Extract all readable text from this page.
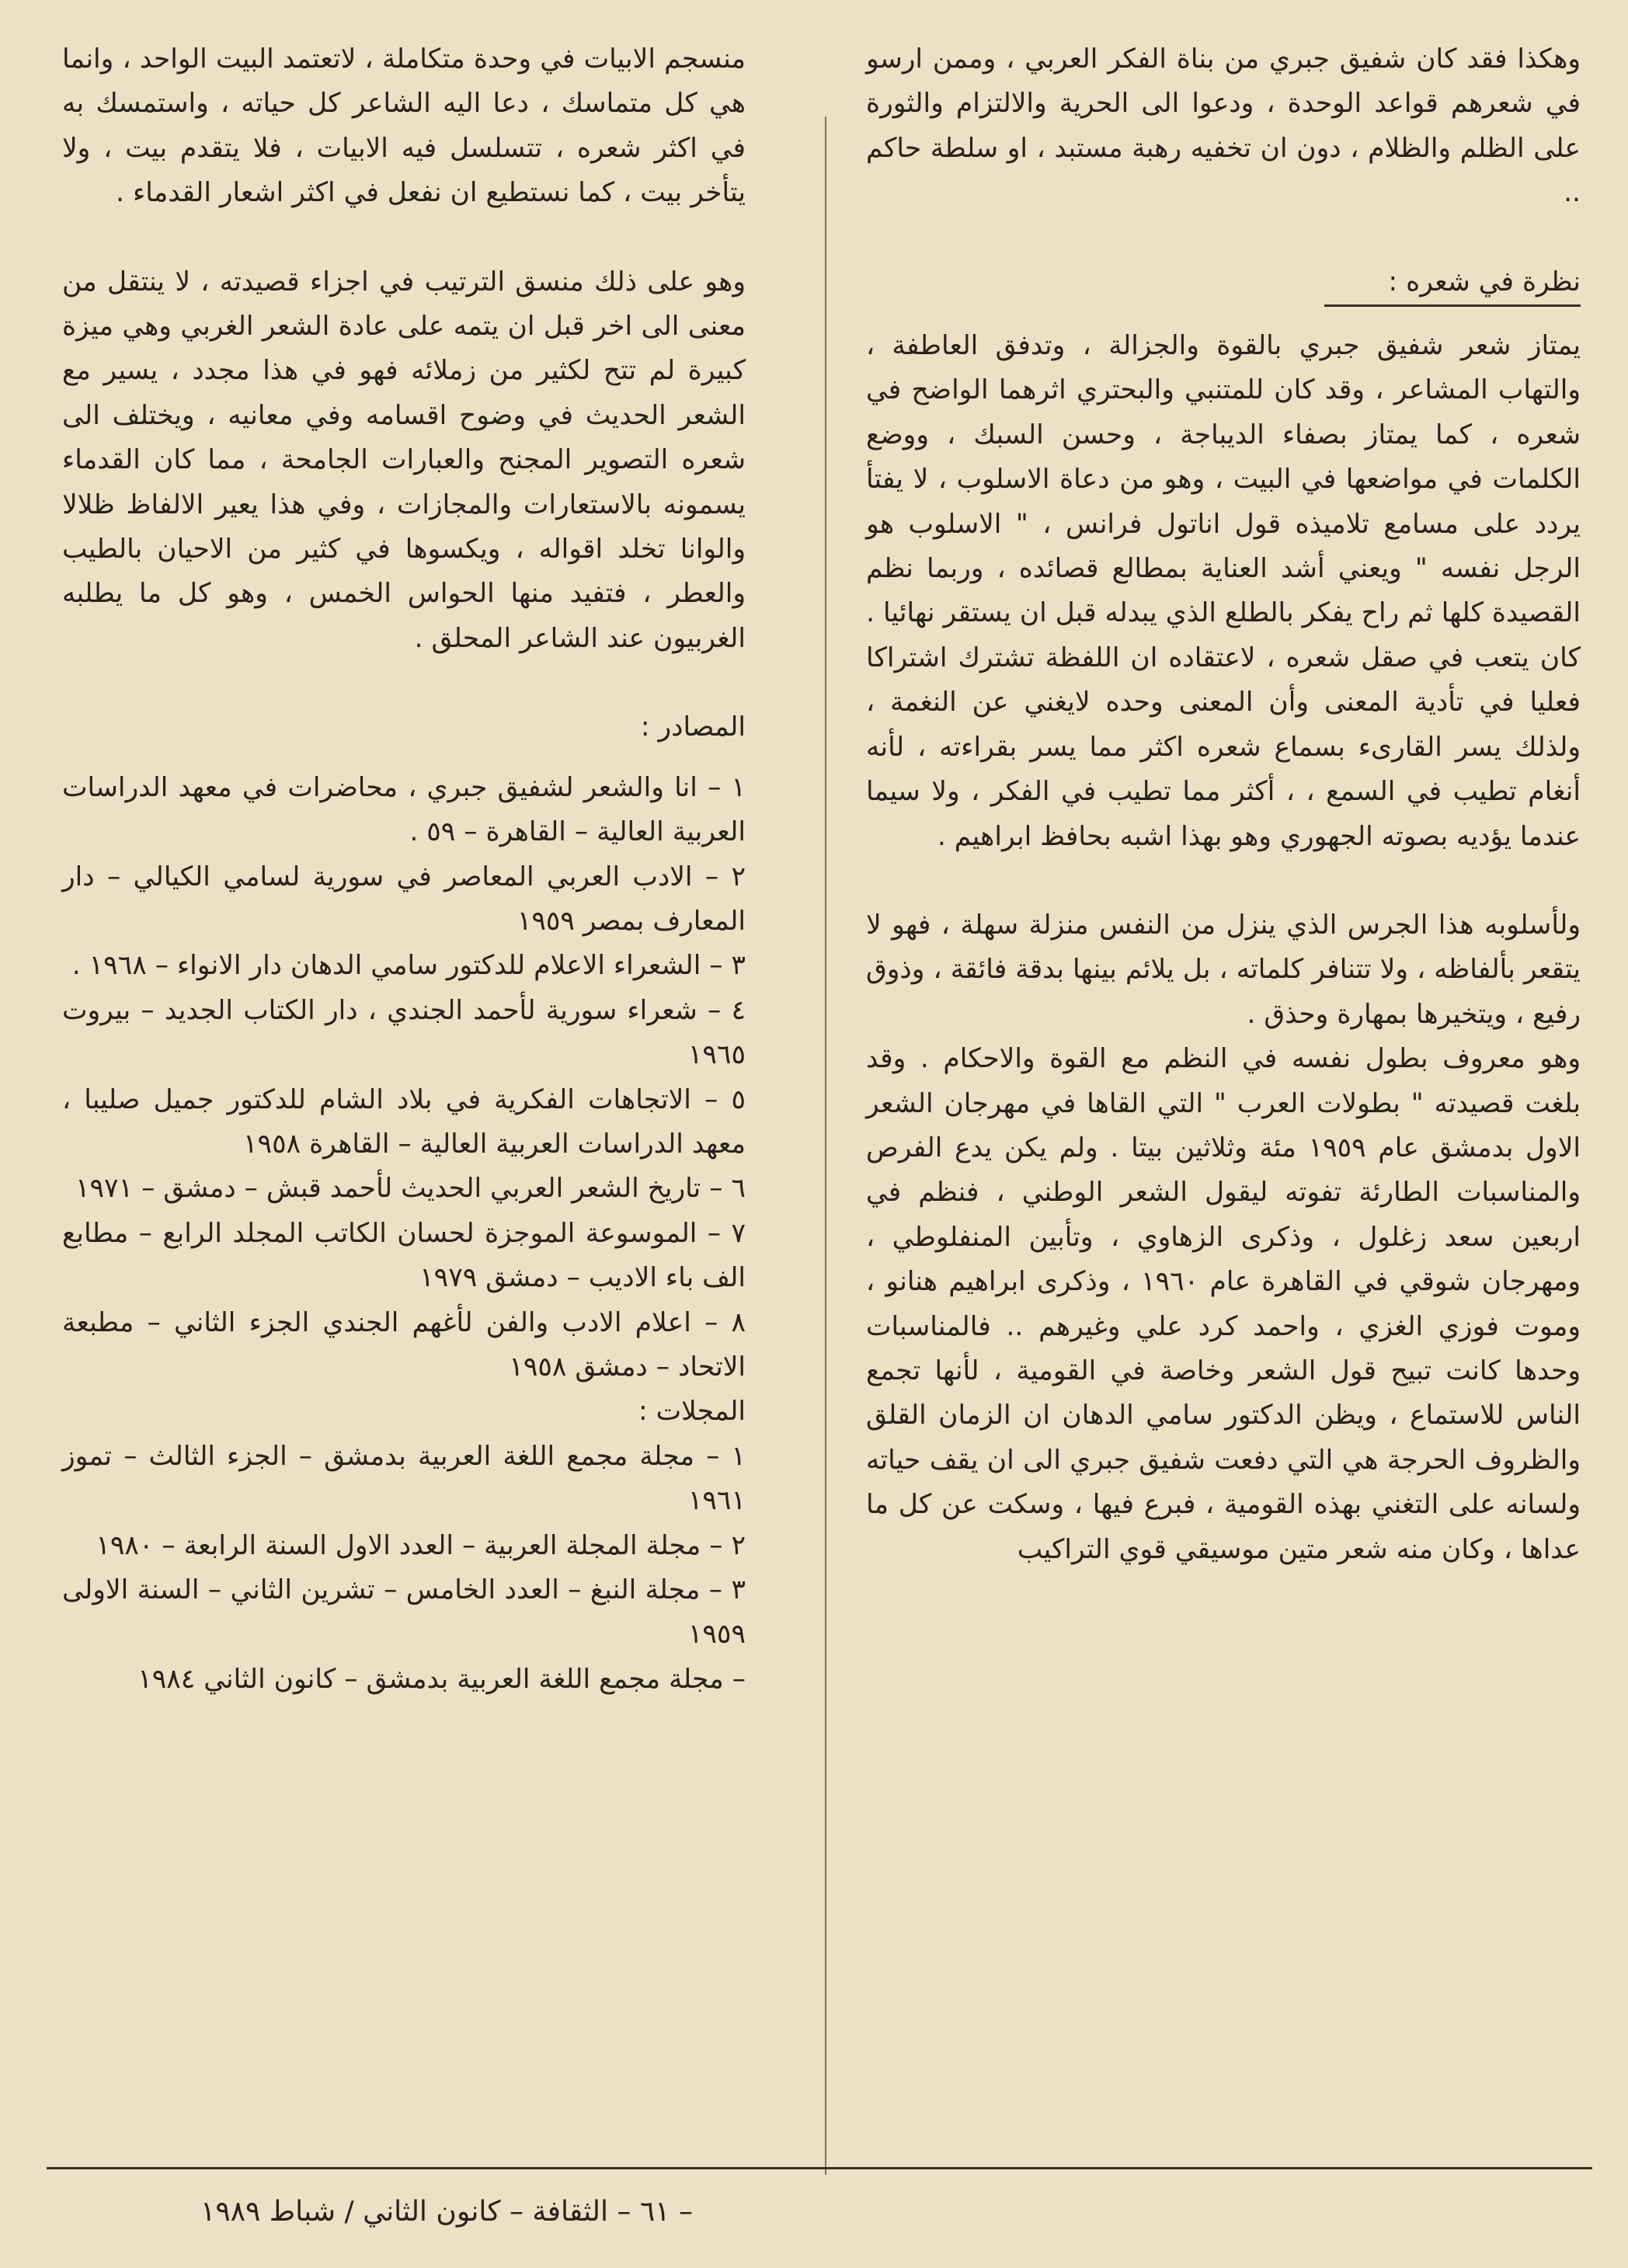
وهكذا فقد كان شفيق جبري من بناة الفكر العربي ، وممن ارسو في شعرهم قواعد الوحدة ، ودعوا الى الحرية والالتزام والثورة على الظلم والظلام ، دون ان تخفيه رهبة مستبد ، او سلطة حاكم ..

نظرة في شعره :

يمتاز شعر شفيق جبري بالقوة والجزالة ، وتدفق العاطفة ، والتهاب المشاعر ، وقد كان للمتنبي والبحتري اثرهما الواضح في شعره ، كما يمتاز بصفاء الديباجة ، وحسن السبك ، ووضع الكلمات في مواضعها في البيت ، وهو من دعاة الاسلوب ، لا يفتأ يردد على مسامع تلاميذه قول اناتول فرانس ، " الاسلوب هو الرجل نفسه " ويعني أشد العناية بمطالع قصائده ، وربما نظم القصيدة كلها ثم راح يفكر بالطلع الذي يبدله قبل ان يستقر نهائيا .

كان يتعب في صقل شعره ، لاعتقاده ان اللفظة تشترك اشتراكا فعليا في تأدية المعنى وأن المعنى وحده لايغني عن النغمة ، ولذلك يسر القارىء بسماع شعره اكثر مما يسر بقراءته ، لأنه أنغام تطيب في السمع ، ، أكثر مما تطيب في الفكر ، ولا سيما عندما يؤديه بصوته الجهوري وهو بهذا اشبه بحافظ ابراهيم .

ولأسلوبه هذا الجرس الذي ينزل من النفس منزلة سهلة ، فهو لا يتقعر بألفاظه ، ولا تتنافر كلماته ، بل يلائم بينها بدقة فائقة ، وذوق رفيع ، ويتخيرها بمهارة وحذق .

وهو معروف بطول نفسه في النظم مع القوة والاحكام . وقد بلغت قصيدته " بطولات العرب " التي القاها في مهرجان الشعر الاول بدمشق عام ١٩٥٩ مئة وثلاثين بيتا . ولم يكن يدع الفرص والمناسبات الطارئة تفوته ليقول الشعر الوطني ، فنظم في اربعين سعد زغلول ، وذكرى الزهاوي ، وتأبين المنفلوطي ، ومهرجان شوقي في القاهرة عام ١٩٦٠ ، وذكرى ابراهيم هنانو ، وموت فوزي الغزي ، واحمد كرد علي وغيرهم .. فالمناسبات وحدها كانت تبيح قول الشعر وخاصة في القومية ، لأنها تجمع الناس للاستماع ، ويظن الدكتور سامي الدهان ان الزمان القلق والظروف الحرجة هي التي دفعت شفيق جبري الى ان يقف حياته ولسانه على التغني بهذه القومية ، فبرع فيها ، وسكت عن كل ما عداها ، وكان منه شعر متين موسيقي قوي التراكيب

منسجم الابيات في وحدة متكاملة ، لاتعتمد البيت الواحد ، وانما هي كل متماسك ، دعا اليه الشاعر كل حياته ، واستمسك به في اكثر شعره ، تتسلسل فيه الابيات ، فلا يتقدم بيت ، ولا يتأخر بيت ، كما نستطيع ان نفعل في اكثر اشعار القدماء .

وهو على ذلك منسق الترتيب في اجزاء قصيدته ، لا ينتقل من معنى الى اخر قبل ان يتمه على عادة الشعر الغربي وهي ميزة كبيرة لم تتح لكثير من زملائه فهو في هذا مجدد ، يسير مع الشعر الحديث في وضوح اقسامه وفي معانيه ، ويختلف الى شعره التصوير المجنح والعبارات الجامحة ، مما كان القدماء يسمونه بالاستعارات والمجازات ، وفي هذا يعير الالفاظ ظلالا والوانا تخلد اقواله ، ويكسوها في كثير من الاحيان بالطيب والعطر ، فتفيد منها الحواس الخمس ، وهو كل ما يطلبه الغربيون عند الشاعر المحلق .

المصادر :

١ – انا والشعر لشفيق جبري ، محاضرات في معهد الدراسات العربية العالية – القاهرة – ٥٩ .

٢ – الادب العربي المعاصر في سورية لسامي الكيالي – دار المعارف بمصر ١٩٥٩

٣ – الشعراء الاعلام للدكتور سامي الدهان دار الانواء – ١٩٦٨ .

٤ – شعراء سورية لأحمد الجندي ، دار الكتاب الجديد – بيروت ١٩٦٥

٥ – الاتجاهات الفكرية في بلاد الشام للدكتور جميل صليبا ، معهد الدراسات العربية العالية – القاهرة ١٩٥٨

٦ – تاريخ الشعر العربي الحديث لأحمد قبش – دمشق – ١٩٧١

٧ – الموسوعة الموجزة لحسان الكاتب المجلد الرابع – مطابع الف باء الاديب – دمشق ١٩٧٩

٨ – اعلام الادب والفن لأغهم الجندي الجزء الثاني – مطبعة الاتحاد – دمشق ١٩٥٨

المجلات :

١ – مجلة مجمع اللغة العربية بدمشق – الجزء الثالث – تموز ١٩٦١

٢ – مجلة المجلة العربية – العدد الاول السنة الرابعة – ١٩٨٠

٣ – مجلة النبغ – العدد الخامس – تشرين الثاني – السنة الاولى ١٩٥٩

– مجلة مجمع اللغة العربية بدمشق – كانون الثاني ١٩٨٤

– ٦١ – الثقافة – كانون الثاني / شباط ١٩٨٩
